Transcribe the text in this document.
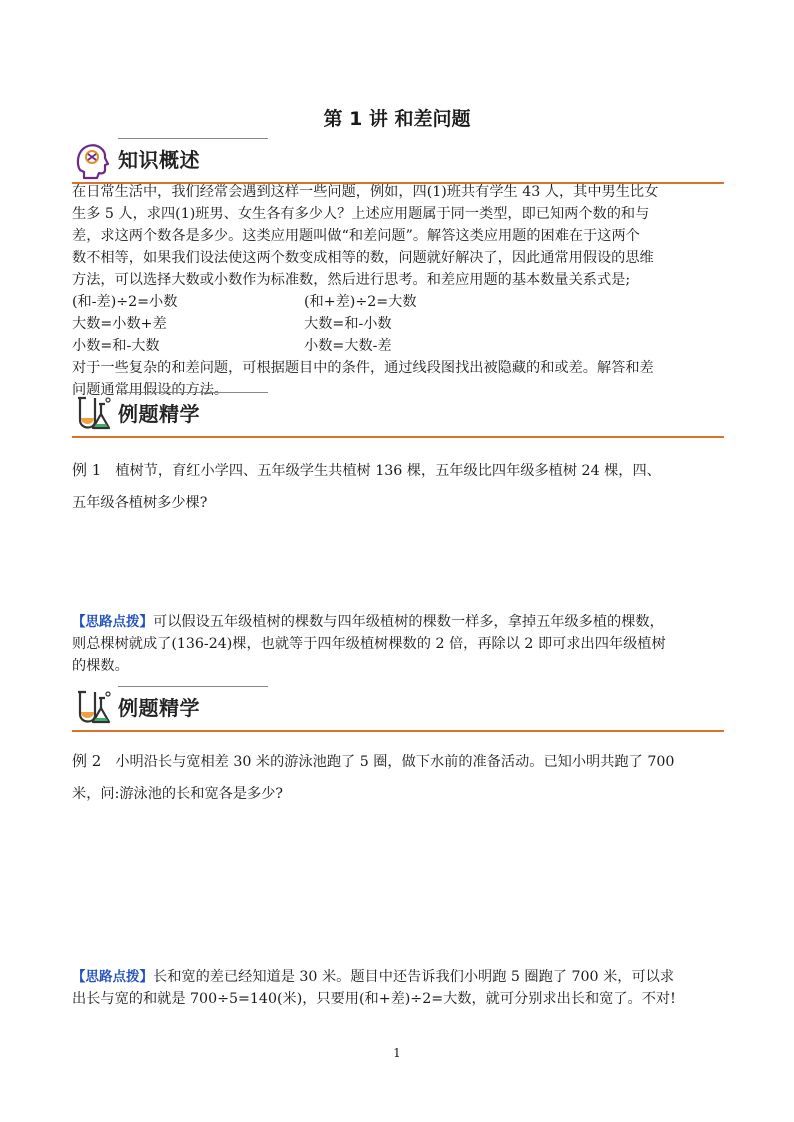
第 1 讲 和差问题
知识概述
在日常生活中，我们经常会遇到这样一些问题，例如，四(1)班共有学生 43 人，其中男生比女
生多 5 人，求四(1)班男、女生各有多少人？上述应用题属于同一类型，即已知两个数的和与
差，求这两个数各是多少。这类应用题叫做“和差问题”。解答这类应用题的困难在于这两个
数不相等，如果我们设法使这两个数变成相等的数，问题就好解决了，因此通常用假设的思维
方法，可以选择大数或小数作为标准数，然后进行思考。和差应用题的基本数量关系式是;
(和-差)÷2=小数	(和+差)÷2=大数
大数=小数+差	大数=和-小数
小数=和-大数	小数=大数-差
对于一些复杂的和差问题，可根据题目中的条件，通过线段图找出被隐藏的和或差。解答和差
问题通常用假设的方法。
例题精学
例 1 植树节，育红小学四、五年级学生共植树 136 棵，五年级比四年级多植树 24 棵，四、
五年级各植树多少棵?
【思路点拨】可以假设五年级植树的棵数与四年级植树的棵数一样多，拿掉五年级多植的棵数，
则总棵树就成了(136-24)棵，也就等于四年级植树棵数的 2 倍，再除以 2 即可求出四年级植树
的棵数。
例题精学
例 2 小明沿长与宽相差 30 米的游泳池跑了 5 圈，做下水前的准备活动。已知小明共跑了 700
米，问:游泳池的长和宽各是多少?
【思路点拨】长和宽的差已经知道是 30 米。题目中还告诉我们小明跑 5 圈跑了 700 米，可以求
出长与宽的和就是 700÷5=140(米)，只要用(和+差)÷2=大数，就可分别求出长和宽了。不对!
1
